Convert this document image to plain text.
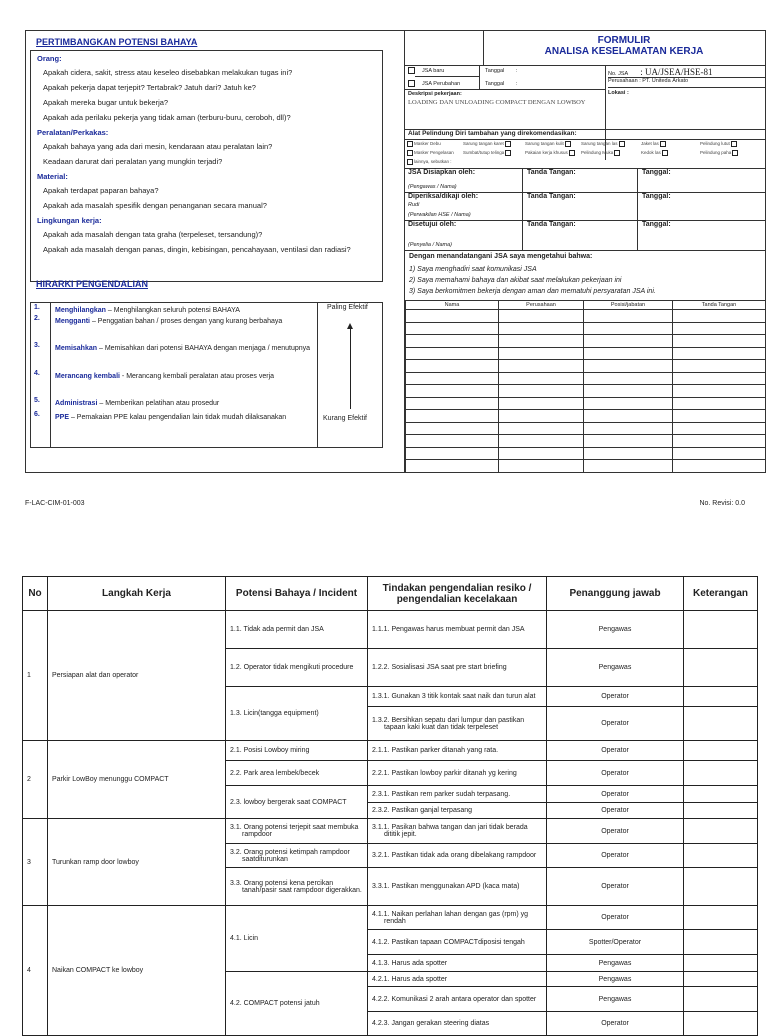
PERTIMBANGKAN POTENSI BAHAYA
Orang:
Apakah cidera, sakit, stress atau keseleo disebabkan melakukan tugas ini?
Apakah pekerja dapat terjepit? Tertabrak? Jatuh dari? Jatuh ke?
Apakah mereka bugar untuk bekerja?
Apakah ada perilaku pekerja yang tidak aman (terburu-buru, ceroboh, dll)?
Peralatan/Perkakas:
Apakah bahaya yang ada dari mesin, kendaraan atau peralatan lain?
Keadaan darurat dari peralatan yang mungkin terjadi?
Material:
Apakah terdapat paparan bahaya?
Apakah ada masalah spesifik dengan penanganan secara manual?
Lingkungan kerja:
Apakah ada masalah dengan tata graha (terpeleset, tersandung)?
Apakah ada masalah dengan panas, dingin, kebisingan, pencahayaan, ventilasi dan radiasi?
HIRARKI PENGENDALIAN
1. Menghilangkan – Menghilangkan seluruh potensi BAHAYA
2. Mengganti – Penggatian bahan / proses dengan yang kurang berbahaya
3. Memisahkan – Memisahkan dari potensi BAHAYA dengan menjaga / menutupnya
4. Merancang kembali - Merancang kembali peralatan atau proses verja
5. Administrasi – Memberikan pelatihan atau prosedur
6. PPE – Pemakaian PPE kalau pengendalian lain tidak mudah dilaksanakan
Paling Efektif
Kurang Efektif
FORMULIR
ANALISA KESELAMATAN KERJA
JSA baru	Tanggal :
JSA Perubahan	Tanggal :
No. JSA : UA/JSEA/HSE-81
Perusahaan : PT. Unitedа Arkato
Lokasi :
Deskripsi pekerjaan:
LOADING DAN UNLOADING COMPACT DENGAN LOWBOY
Alat Pelindung Diri tambahan yang direkomendasikan:
Masker Debu	Sarung tangan karet	Sarung tangan kulit	Sarung tangan las	Jaket las	Pelindung lutut
Masker Pengelasan Sumbat/tutup telinga	Pakaian kerja khusus	Pelindung Muka	Kedok las	Pelindung paha
lainnya, sebutkan :
JSA Disiapkan oleh:
(Pengawas / Nama)
Tanda Tangan:	Tanggal:
Diperiksa/dikaji oleh:
Rudi
(Perwakilan HSE / Nama)
Tanda Tangan:	Tanggal:
Disetujui oleh:
(Penyelia / Nama)
Tanda Tangan:	Tanggal:
Dengan menandatangani JSA saya mengetahui bahwa:
1) Saya menghadiri saat komunikasi JSA
2) Saya memahami bahaya dan akibat saat melakukan pekerjaan ini
3) Saya berkomitmen bekerja dengan aman dan mematuhi persyaratan JSA ini.
Nama	Perusahaan	Posisi/jabatan	Tanda Tangan

F-LAC-CIM-01-003	No. Revisi: 0.0
No	Langkah Kerja	Potensi Bahaya / Incident	Tindakan pengendalian resiko / pengendalian kecelakaan	Penanggung jawab	Keterangan
1	Persiapan alat dan operator	1.1. Tidak ada permit dan JSA	1.1.1. Pengawas harus membuat permit dan JSA	Pengawas	

		1.2. Operator tidak mengikuti procedure	1.2.2. Sosialisasi JSA saat pre start briefing	Pengawas	

		1.3. Licin(tangga equipment)	1.3.1. Gunakan 3 titik kontak saat naik dan turun alat	Operator	

			1.3.2. Bersihkan sepatu dari lumpur dan pastikan tapaan kaki kuat dan tidak terpeleset	Operator	
2	Parkir LowBoy menunggu COMPACT	2.1. Posisi Lowboy miring	2.1.1. Pastikan parker ditanah yang rata.	Operator	

		2.2. Park area lembek/becek	2.2.1. Pastikan lowboy parkir ditanah yg kering	Operator	

		2.3. lowboy bergerak saat COMPACT	2.3.1. Pastikan rem parker sudah terpasang.	Operator	

			2.3.2. Pastikan ganjal terpasang	Operator	
3	Turunkan ramp door lowboy	3.1. Orang potensi terjepit saat membuka rampdoor	3.1.1. Pasikan bahwa tangan dan jari tidak berada dititik jepit.	Operator	

		3.2. Orang potensi ketimpah rampdoor saatditurunkan	3.2.1. Pastikan tidak ada orang dibelakang rampdoor	Operator	

		3.3. Orang potensi kena percikan tanah/pasir saat rampdoor digerakkan.	3.3.1. Pastikan menggunakan APD (kaca mata)	Operator	
4	Naikan COMPACT ke lowboy	4.1. Licin	4.1.1. Naikan perlahan lahan dengan gas (rpm) yg rendah	Operator	

			4.1.2. Pastikan tapaan COMPACTdiposisi tengah	Spotter/Operator	

			4.1.3. Harus ada spotter	Pengawas	

		4.2. COMPACT potensi jatuh	4.2.1. Harus ada spotter	Pengawas	

			4.2.2. Komunikasi 2 arah antara operator dan spotter	Pengawas	

			4.2.3. Jangan gerakan steering diatas	Operator	
